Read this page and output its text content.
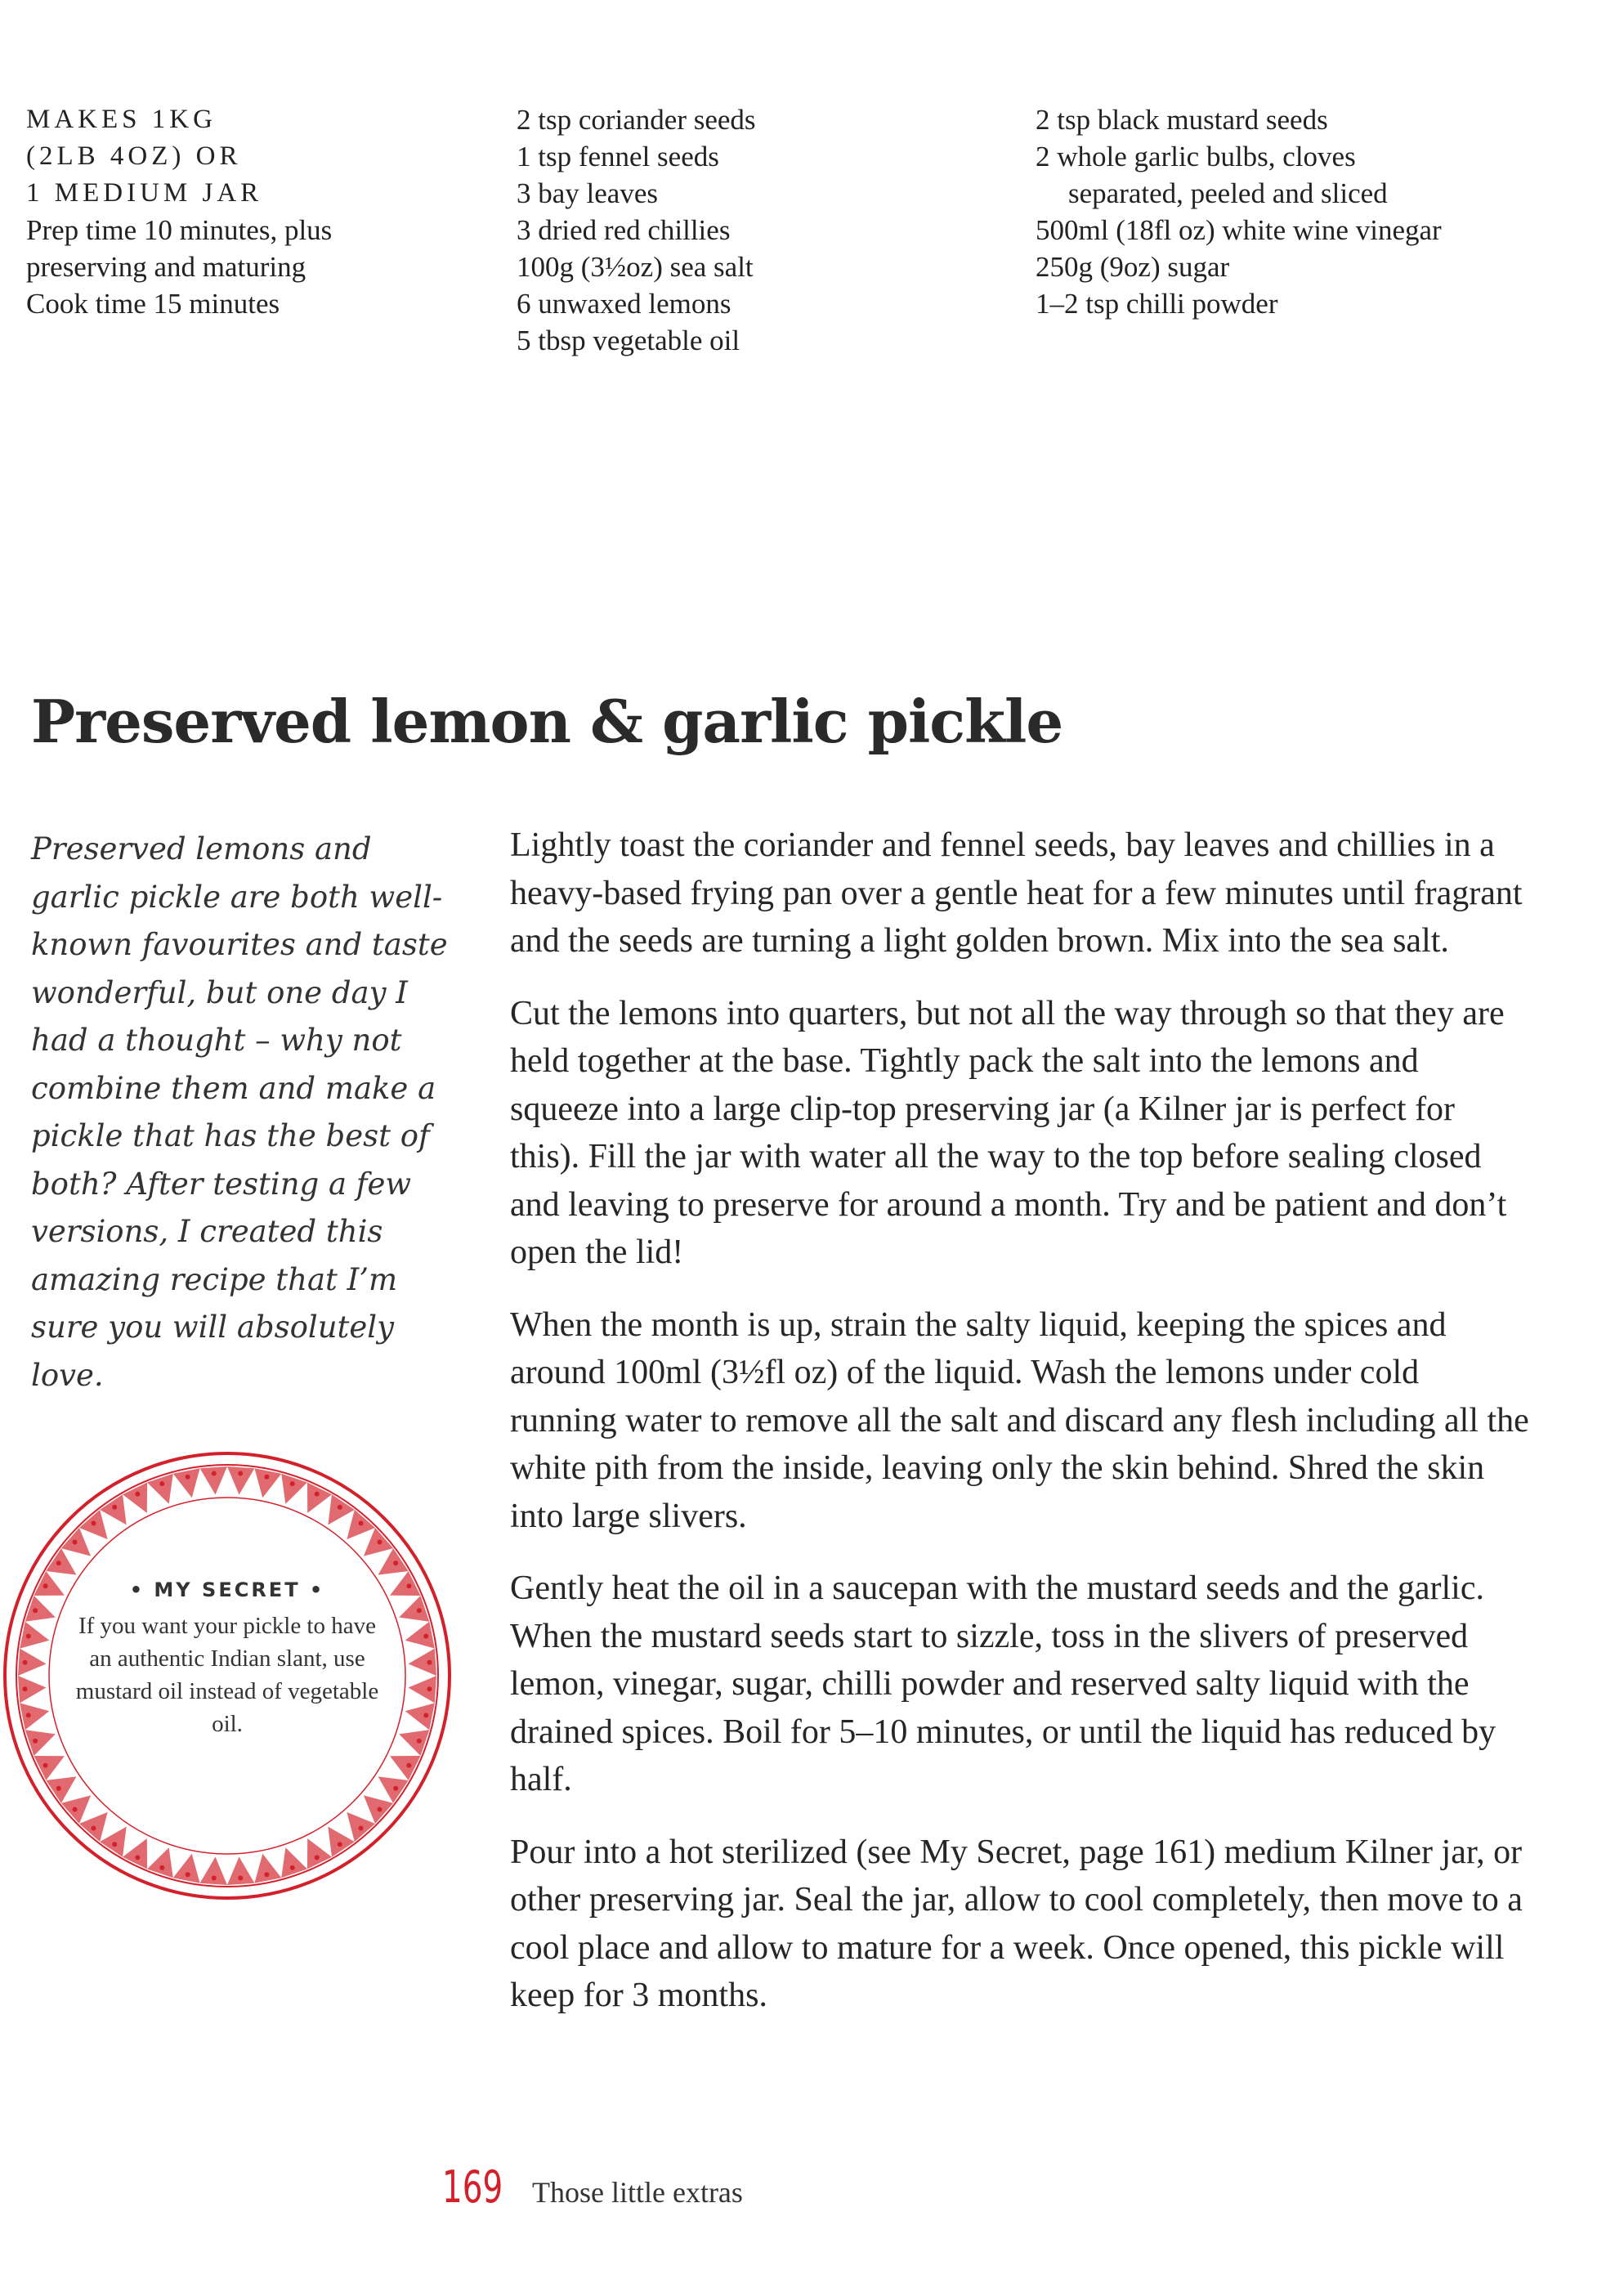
MAKES 1KG
(2LB 4OZ) OR
1 MEDIUM JAR
Prep time 10 minutes, plus
preserving and maturing
Cook time 15 minutes
2 tsp coriander seeds
1 tsp fennel seeds
3 bay leaves
3 dried red chillies
100g (3½oz) sea salt
6 unwaxed lemons
5 tbsp vegetable oil
2 tsp black mustard seeds
2 whole garlic bulbs, cloves
separated, peeled and sliced
500ml (18fl oz) white wine vinegar
250g (9oz) sugar
1–2 tsp chilli powder
Preserved lemon & garlic pickle

Preserved lemons and garlic pickle are both well-known favourites and taste wonderful, but one day I had a thought – why not combine them and make a pickle that has the best of both? After testing a few versions, I created this amazing recipe that I’m sure you will absolutely love.

Lightly toast the coriander and fennel seeds, bay leaves and chillies in a heavy-based frying pan over a gentle heat for a few minutes until fragrant and the seeds are turning a light golden brown. Mix into the sea salt.

Cut the lemons into quarters, but not all the way through so that they are held together at the base. Tightly pack the salt into the lemons and squeeze into a large clip-top preserving jar (a Kilner jar is perfect for this). Fill the jar with water all the way to the top before sealing closed and leaving to preserve for around a month. Try and be patient and don’t open the lid!

When the month is up, strain the salty liquid, keeping the spices and around 100ml (3½fl oz) of the liquid. Wash the lemons under cold running water to remove all the salt and discard any flesh including all the white pith from the inside, leaving only the skin behind. Shred the skin into large slivers.

Gently heat the oil in a saucepan with the mustard seeds and the garlic. When the mustard seeds start to sizzle, toss in the slivers of preserved lemon, vinegar, sugar, chilli powder and reserved salty liquid with the drained spices. Boil for 5–10 minutes, or until the liquid has reduced by half.

Pour into a hot sterilized (see My Secret, page 161) medium Kilner jar, or other preserving jar. Seal the jar, allow to cool completely, then move to a cool place and allow to mature for a week. Once opened, this pickle will keep for 3 months.

• MY SECRET •
If you want your pickle to have an authentic Indian slant, use mustard oil instead of vegetable oil.
169 Those little extras
